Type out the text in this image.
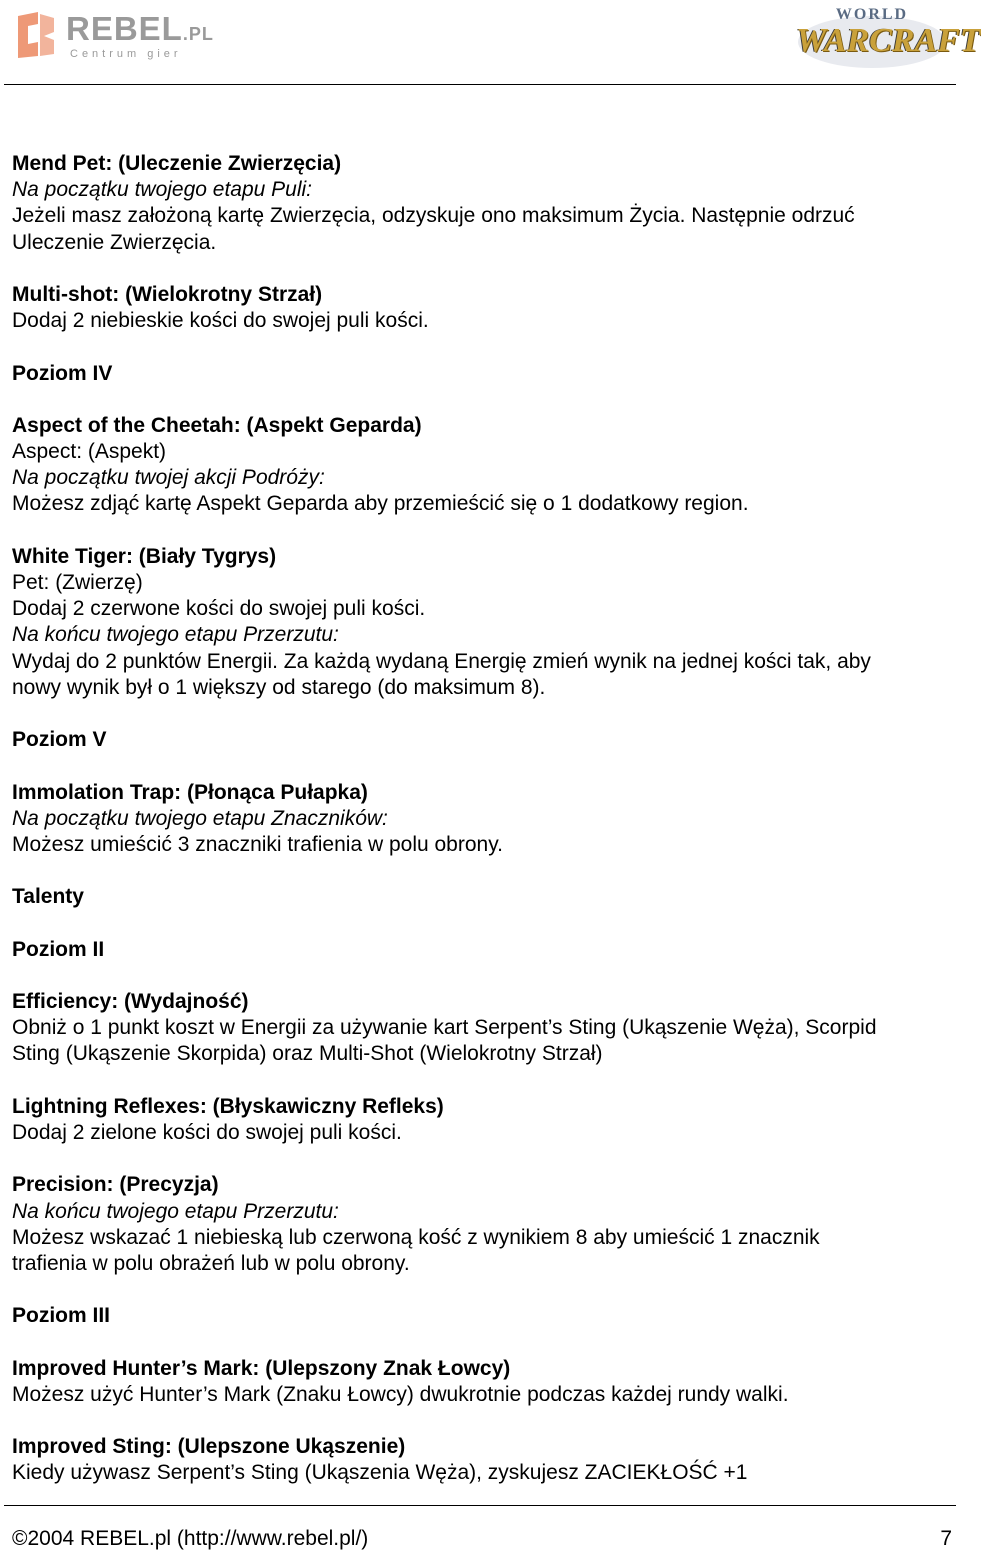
REBEL.PL
Centrum gier
WORLD
WARCRAFT
Mend Pet: (Uleczenie Zwierzęcia)
Na początku twojego etapu Puli:
Jeżeli masz założoną kartę Zwierzęcia, odzyskuje ono maksimum Życia. Następnie odrzuć
Uleczenie Zwierzęcia.
Multi-shot: (Wielokrotny Strzał)
Dodaj 2 niebieskie kości do swojej puli kości.
Poziom IV
Aspect of the Cheetah: (Aspekt Geparda)
Aspect: (Aspekt)
Na początku twojej akcji Podróży:
Możesz zdjąć kartę Aspekt Geparda aby przemieścić się o 1 dodatkowy region.
White Tiger: (Biały Tygrys)
Pet: (Zwierzę)
Dodaj 2 czerwone kości do swojej puli kości.
Na końcu twojego etapu Przerzutu:
Wydaj do 2 punktów Energii. Za każdą wydaną Energię zmień wynik na jednej kości tak, aby
nowy wynik był o 1 większy od starego (do maksimum 8).
Poziom V
Immolation Trap: (Płonąca Pułapka)
Na początku twojego etapu Znaczników:
Możesz umieścić 3 znaczniki trafienia w polu obrony.
Talenty
Poziom II
Efficiency: (Wydajność)
Obniż o 1 punkt koszt w Energii za używanie kart Serpent’s Sting (Ukąszenie Węża), Scorpid
Sting (Ukąszenie Skorpida) oraz Multi-Shot (Wielokrotny Strzał)
Lightning Reflexes: (Błyskawiczny Refleks)
Dodaj 2 zielone kości do swojej puli kości.
Precision: (Precyzja)
Na końcu twojego etapu Przerzutu:
Możesz wskazać 1 niebieską lub czerwoną kość z wynikiem 8 aby umieścić 1 znacznik
trafienia w polu obrażeń lub w polu obrony.
Poziom III
Improved Hunter’s Mark: (Ulepszony Znak Łowcy)
Możesz użyć Hunter’s Mark (Znaku Łowcy) dwukrotnie podczas każdej rundy walki.
Improved Sting: (Ulepszone Ukąszenie)
Kiedy używasz Serpent’s Sting (Ukąszenia Węża), zyskujesz ZACIEKŁOŚĆ +1
©2004 REBEL.pl (http://www.rebel.pl/)	7
